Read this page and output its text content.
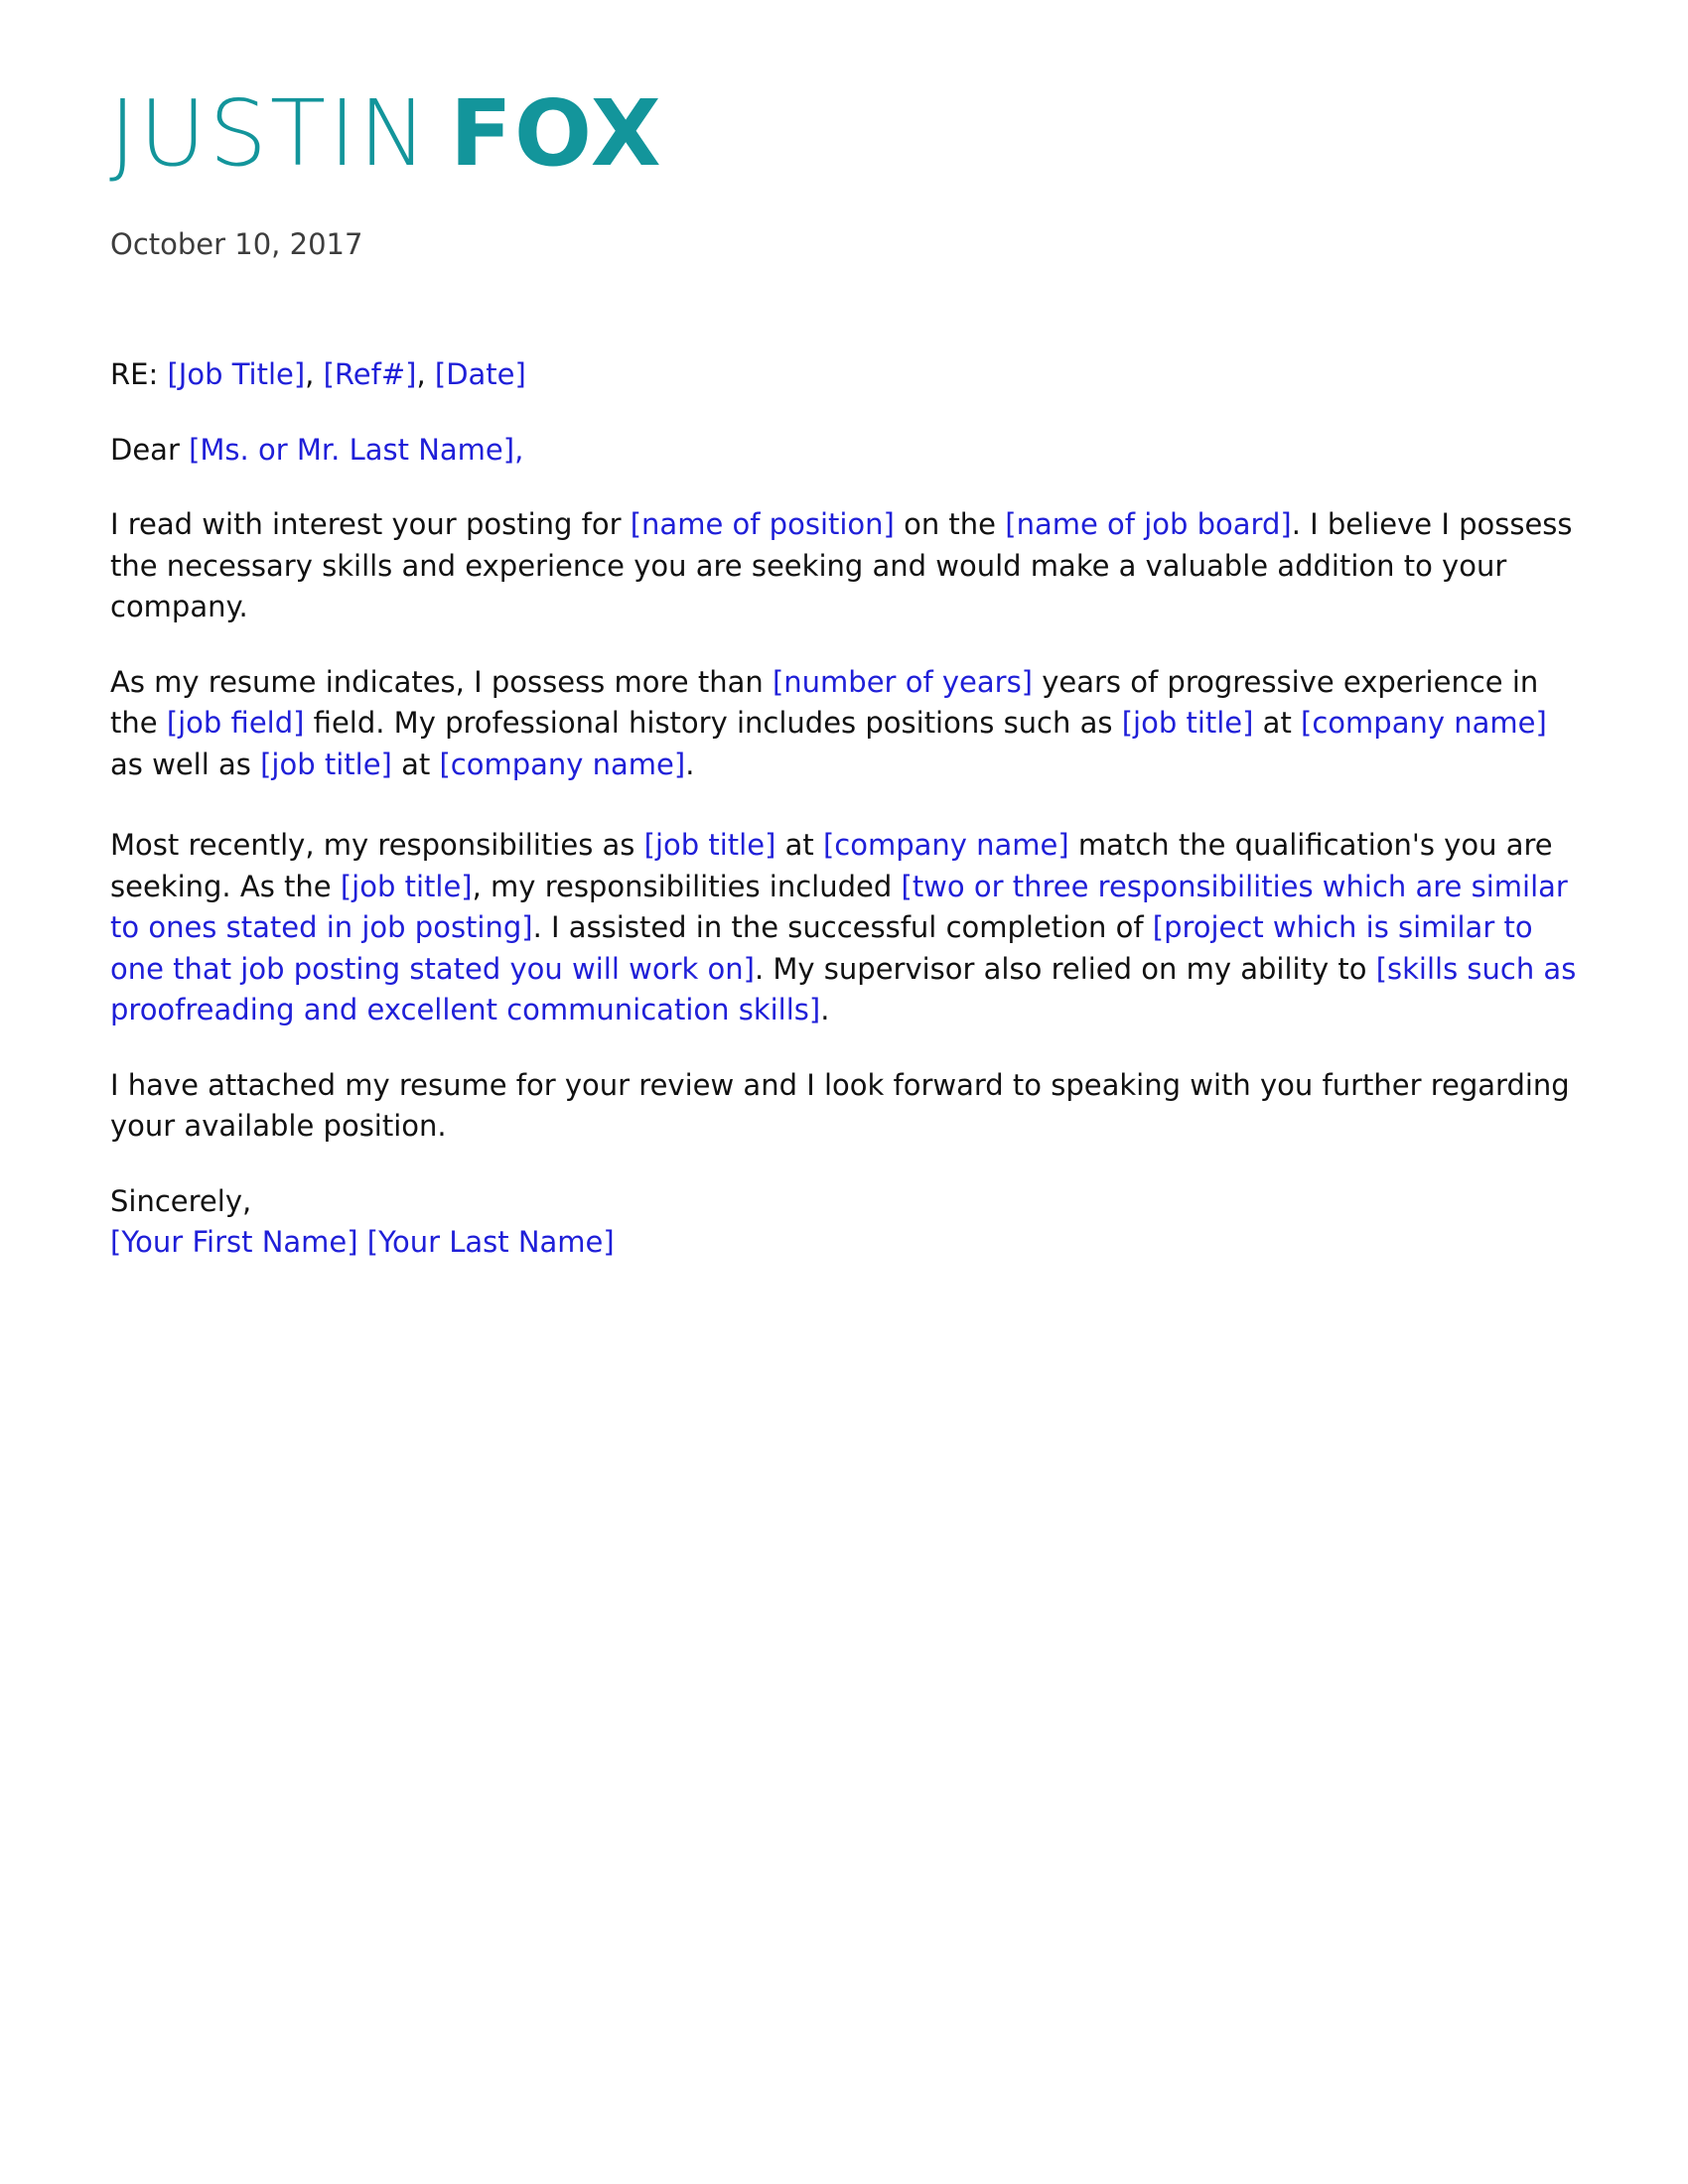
JUSTIN FOX
October 10, 2017

RE: [Job Title], [Ref#], [Date]

Dear [Ms. or Mr. Last Name],

I read with interest your posting for [name of position] on the [name of job board]. I believe I possess the necessary skills and experience you are seeking and would make a valuable addition to your company.

As my resume indicates, I possess more than [number of years] years of progressive experience in the [job field] field. My professional history includes positions such as [job title] at [company name] as well as [job title] at [company name].

Most recently, my responsibilities as [job title] at [company name] match the qualification's you are seeking. As the [job title], my responsibilities included [two or three responsibilities which are similar to ones stated in job posting]. I assisted in the successful completion of [project which is similar to one that job posting stated you will work on]. My supervisor also relied on my ability to [skills such as proofreading and excellent communication skills].

I have attached my resume for your review and I look forward to speaking with you further regarding your available position.

Sincerely,
[Your First Name] [Your Last Name]
